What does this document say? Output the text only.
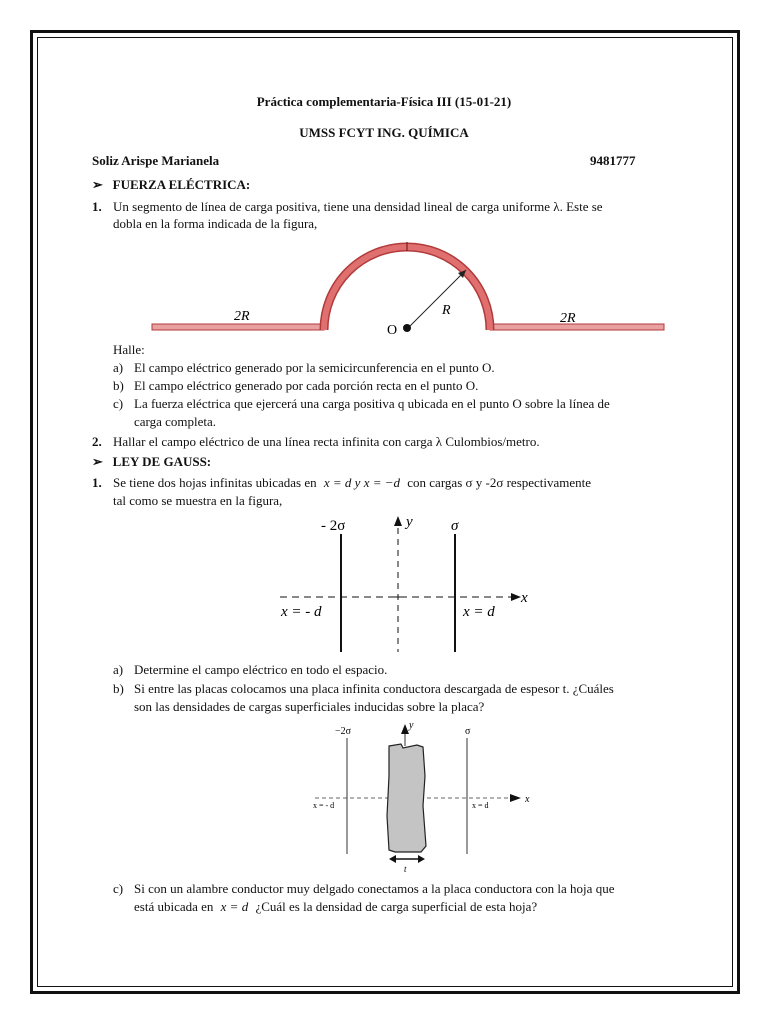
Práctica complementaria-Física III (15-01-21)
UMSS FCYT ING. QUÍMICA
Soliz Arispe Marianela	9481777
➢ FUERZA ELÉCTRICA:
1. Un segmento de línea de carga positiva, tiene una densidad lineal de carga uniforme λ. Este se
dobla en la forma indicada de la figura,
2R	2R
R
O
Halle:
a) El campo eléctrico generado por la semicircunferencia en el punto O.
b) El campo eléctrico generado por cada porción recta en el punto O.
c) La fuerza eléctrica que ejercerá una carga positiva q ubicada en el punto O sobre la línea de
carga completa.
2. Hallar el campo eléctrico de una línea recta infinita con carga λ Culombios/metro.
➢ LEY DE GAUSS:
1. Se tiene dos hojas infinitas ubicadas en x = d y x = −d con cargas σ y -2σ respectivamente
tal como se muestra en la figura,
- 2σ	y	σ
x
x = - d	x = d
a) Determine el campo eléctrico en todo el espacio.
b) Si entre las placas colocamos una placa infinita conductora descargada de espesor t. ¿Cuáles
son las densidades de cargas superficiales inducidas sobre la placa?
−2σ
y
σ
x
x = - d	x = d
t
c) Si con un alambre conductor muy delgado conectamos a la placa conductora con la hoja que
está ubicada en x = d ¿Cuál es la densidad de carga superficial de esta hoja?
